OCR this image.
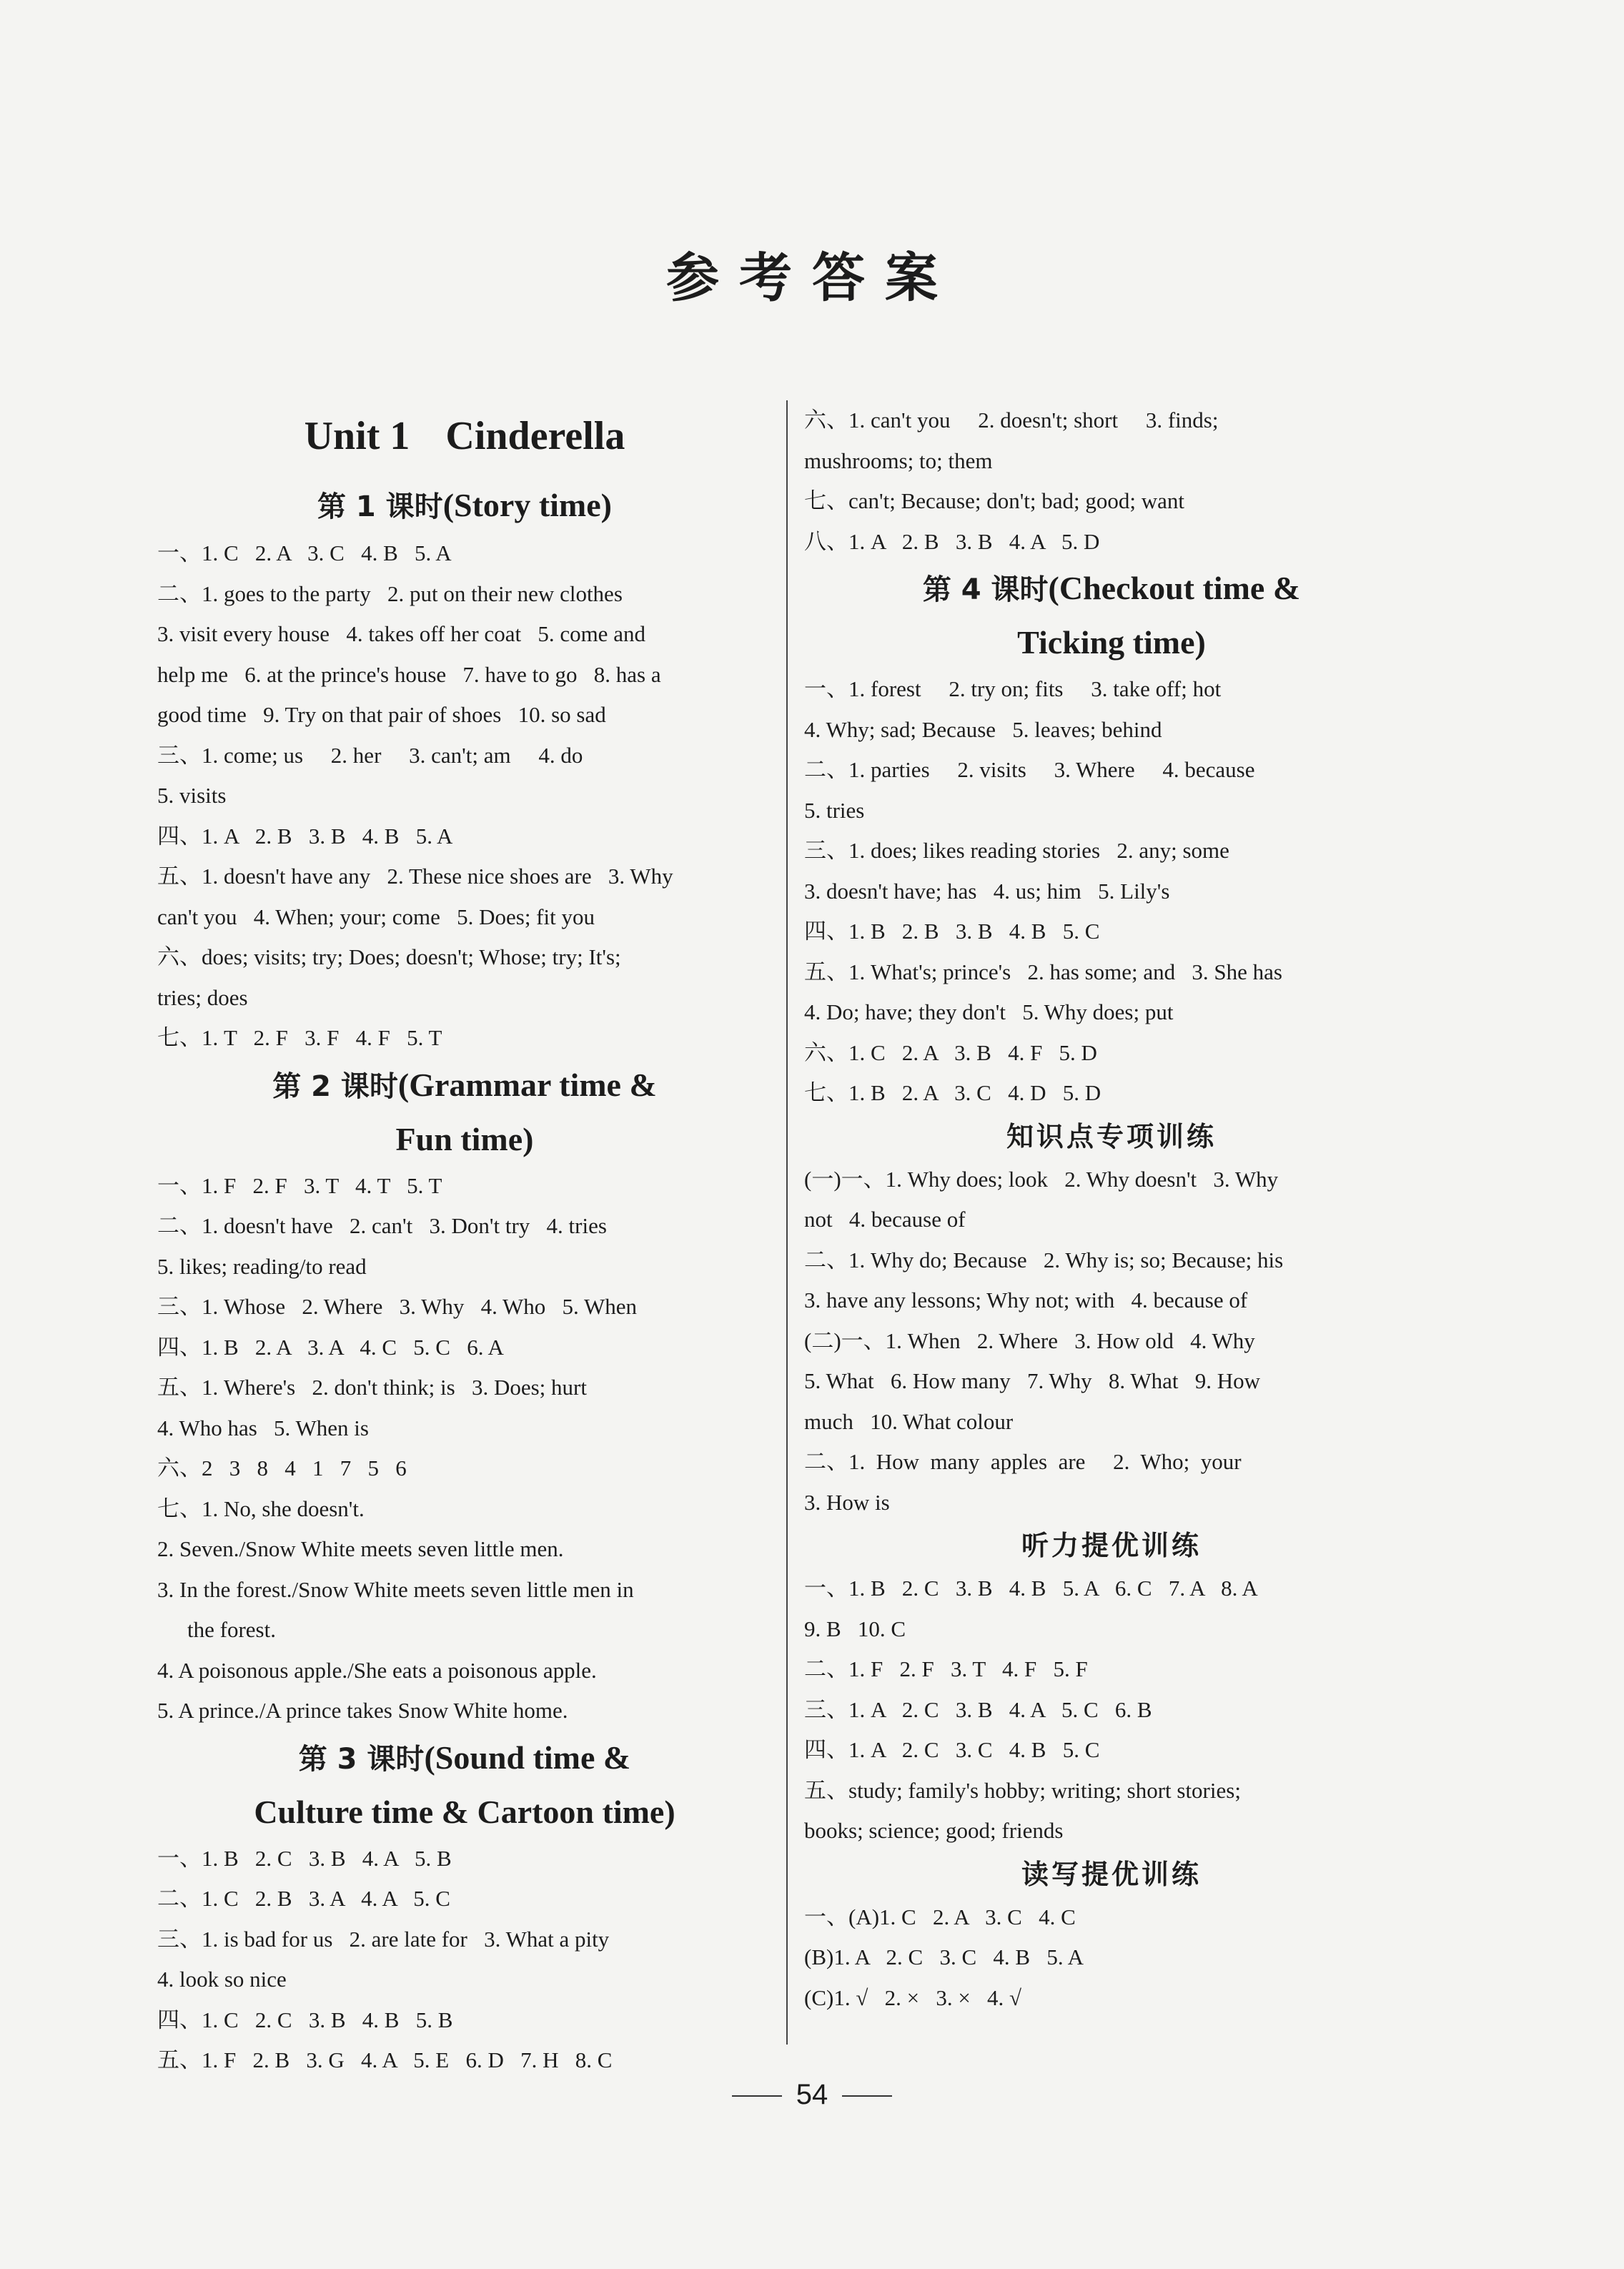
参考答案
Unit 1 Cinderella
第 1 课时(Story time)
一、1. C   2. A   3. C   4. B   5. A
二、1. goes to the party   2. put on their new clothes
3. visit every house   4. takes off her coat   5. come and
help me   6. at the prince's house   7. have to go   8. has a
good time   9. Try on that pair of shoes   10. so sad
三、1. come; us     2. her     3. can't; am     4. do
5. visits
四、1. A   2. B   3. B   4. B   5. A
五、1. doesn't have any   2. These nice shoes are   3. Why
can't you   4. When; your; come   5. Does; fit you
六、does; visits; try; Does; doesn't; Whose; try; It's;
tries; does
七、1. T   2. F   3. F   4. F   5. T
第 2 课时(Grammar time &
Fun time)
一、1. F   2. F   3. T   4. T   5. T
二、1. doesn't have   2. can't   3. Don't try   4. tries
5. likes; reading/to read
三、1. Whose   2. Where   3. Why   4. Who   5. When
四、1. B   2. A   3. A   4. C   5. C   6. A
五、1. Where's   2. don't think; is   3. Does; hurt
4. Who has   5. When is
六、2   3   8   4   1   7   5   6
七、1. No, she doesn't.
2. Seven./Snow White meets seven little men.
3. In the forest./Snow White meets seven little men in
the forest.
4. A poisonous apple./She eats a poisonous apple.
5. A prince./A prince takes Snow White home.
第 3 课时(Sound time &
Culture time & Cartoon time)
一、1. B   2. C   3. B   4. A   5. B
二、1. C   2. B   3. A   4. A   5. C
三、1. is bad for us   2. are late for   3. What a pity
4. look so nice
四、1. C   2. C   3. B   4. B   5. B
五、1. F   2. B   3. G   4. A   5. E   6. D   7. H   8. C
六、1. can't you     2. doesn't; short     3. finds;
mushrooms; to; them
七、can't; Because; don't; bad; good; want
八、1. A   2. B   3. B   4. A   5. D
第 4 课时(Checkout time &
Ticking time)
一、1. forest     2. try on; fits     3. take off; hot
4. Why; sad; Because   5. leaves; behind
二、1. parties     2. visits     3. Where     4. because
5. tries
三、1. does; likes reading stories   2. any; some
3. doesn't have; has   4. us; him   5. Lily's
四、1. B   2. B   3. B   4. B   5. C
五、1. What's; prince's   2. has some; and   3. She has
4. Do; have; they don't   5. Why does; put
六、1. C   2. A   3. B   4. F   5. D
七、1. B   2. A   3. C   4. D   5. D
知识点专项训练
(一)一、1. Why does; look   2. Why doesn't   3. Why
not   4. because of
二、1. Why do; Because   2. Why is; so; Because; his
3. have any lessons; Why not; with   4. because of
(二)一、1. When   2. Where   3. How old   4. Why
5. What   6. How many   7. Why   8. What   9. How
much   10. What colour
二、1.  How  many  apples  are     2.  Who;  your
3. How is
听力提优训练
一、1. B   2. C   3. B   4. B   5. A   6. C   7. A   8. A
9. B   10. C
二、1. F   2. F   3. T   4. F   5. F
三、1. A   2. C   3. B   4. A   5. C   6. B
四、1. A   2. C   3. C   4. B   5. C
五、study; family's hobby; writing; short stories;
books; science; good; friends
读写提优训练
一、(A)1. C   2. A   3. C   4. C
(B)1. A   2. C   3. C   4. B   5. A
(C)1. √   2. ×   3. ×   4. √
54
